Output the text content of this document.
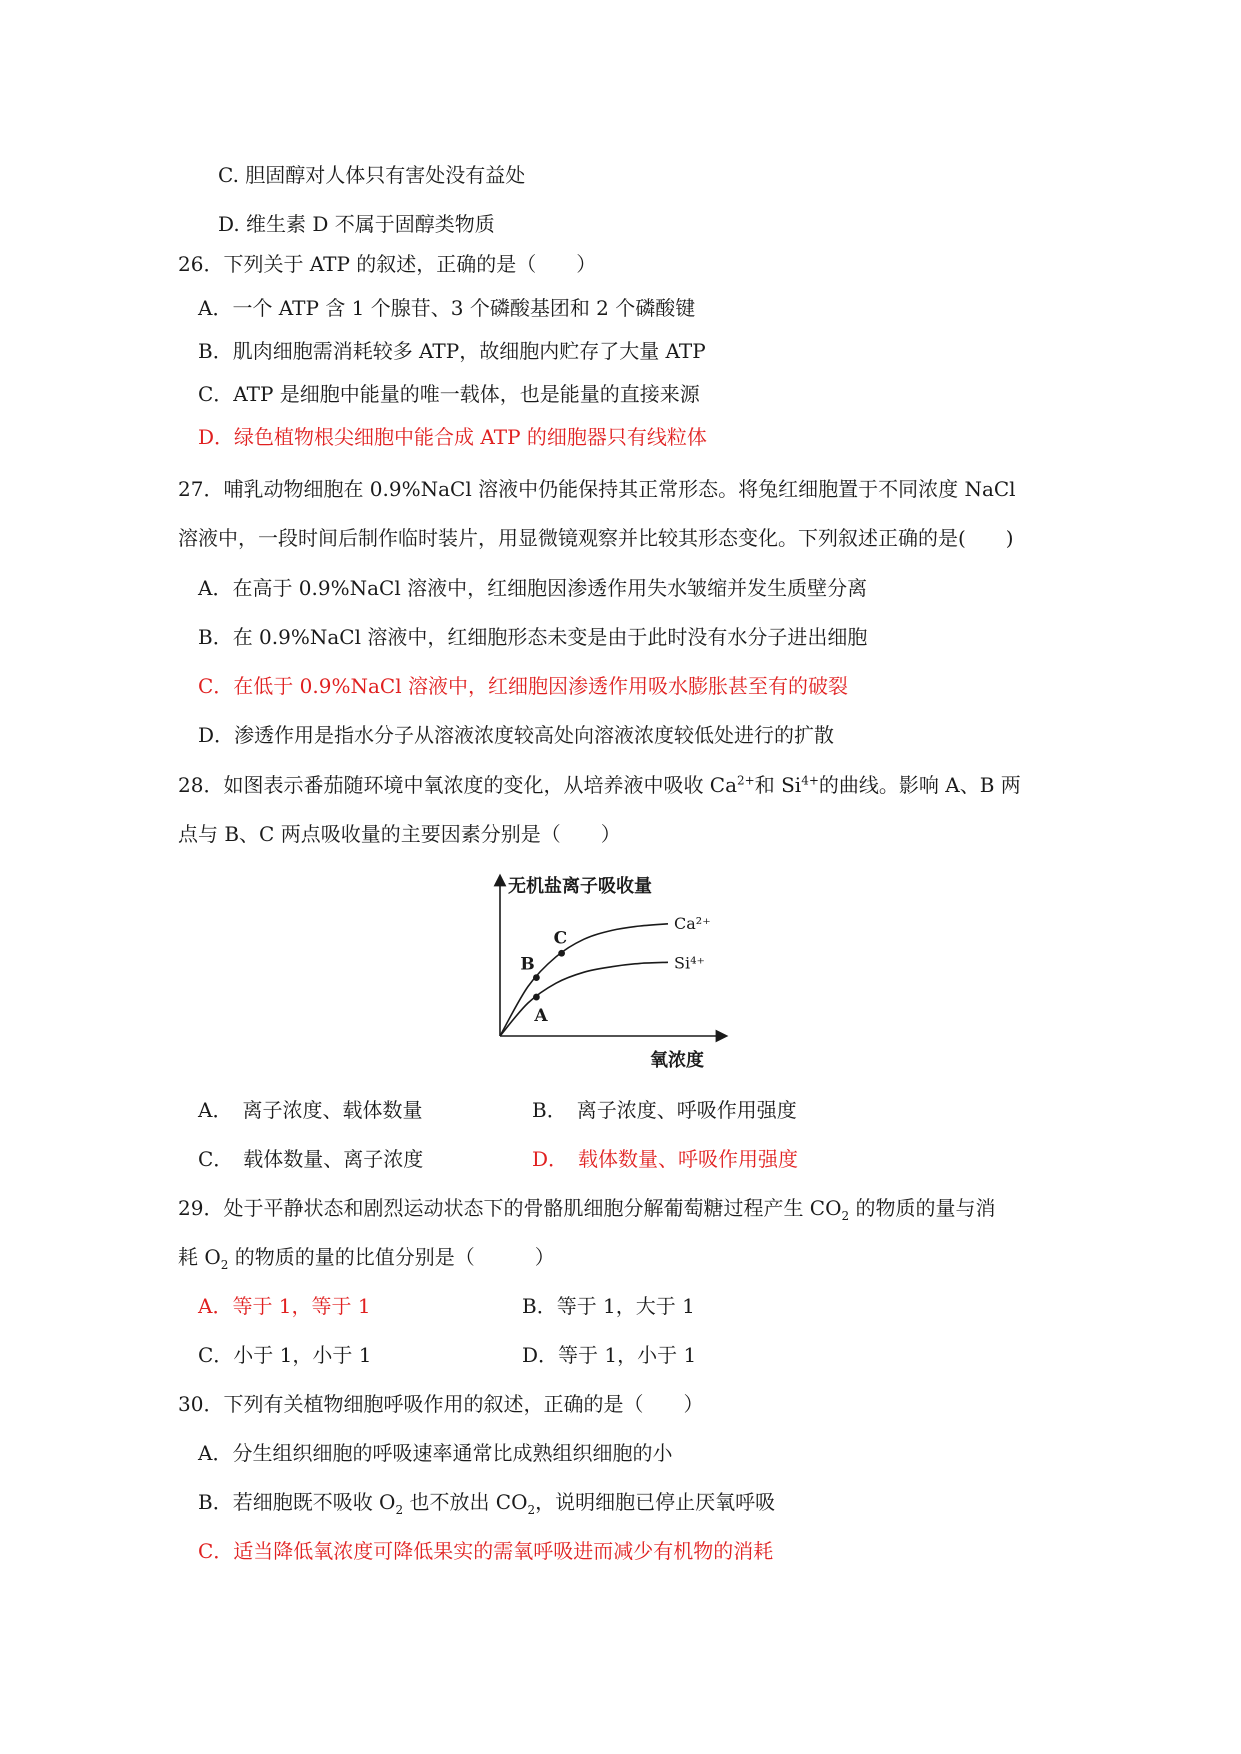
C. 胆固醇对人体只有害处没有益处
D. 维生素 D 不属于固醇类物质
26．下列关于 ATP 的叙述，正确的是（　　）
A．一个 ATP 含 1 个腺苷、3 个磷酸基团和 2 个磷酸键
B．肌肉细胞需消耗较多 ATP，故细胞内贮存了大量 ATP
C．ATP 是细胞中能量的唯一载体，也是能量的直接来源
D．绿色植物根尖细胞中能合成 ATP 的细胞器只有线粒体
27．哺乳动物细胞在 0.9%NaCl 溶液中仍能保持其正常形态。将兔红细胞置于不同浓度 NaCl
溶液中，一段时间后制作临时装片，用显微镜观察并比较其形态变化。下列叙述正确的是(　　)
A．在高于 0.9%NaCl 溶液中，红细胞因渗透作用失水皱缩并发生质壁分离
B．在 0.9%NaCl 溶液中，红细胞形态未变是由于此时没有水分子进出细胞
C．在低于 0.9%NaCl 溶液中，红细胞因渗透作用吸水膨胀甚至有的破裂
D．渗透作用是指水分子从溶液浓度较高处向溶液浓度较低处进行的扩散
28．如图表示番茄随环境中氧浓度的变化，从培养液中吸收 $Ca^{2+}$和 $Si^{4+}$的曲线。影响 A、B 两
点与 B、C 两点吸收量的主要因素分别是（　　）
无机盐离子吸收量
氧浓度
Ca²⁺
Si⁴⁺
B
C
A
A．　离子浓度、载体数量	B．　离子浓度、呼吸作用强度
C．　载体数量、离子浓度	D．　载体数量、呼吸作用强度
29．处于平静状态和剧烈运动状态下的骨骼肌细胞分解葡萄糖过程产生 $CO_2$ 的物质的量与消
耗 $O_2$ 的物质的量的比值分别是（　　　）
A．等于 1，等于 1	B．等于 1，大于 1
C．小于 1，小于 1	D．等于 1，小于 1
30．下列有关植物细胞呼吸作用的叙述，正确的是（　　）
A．分生组织细胞的呼吸速率通常比成熟组织细胞的小
B．若细胞既不吸收 $O_2$ 也不放出 $CO_2$，说明细胞已停止厌氧呼吸
C．适当降低氧浓度可降低果实的需氧呼吸进而减少有机物的消耗
